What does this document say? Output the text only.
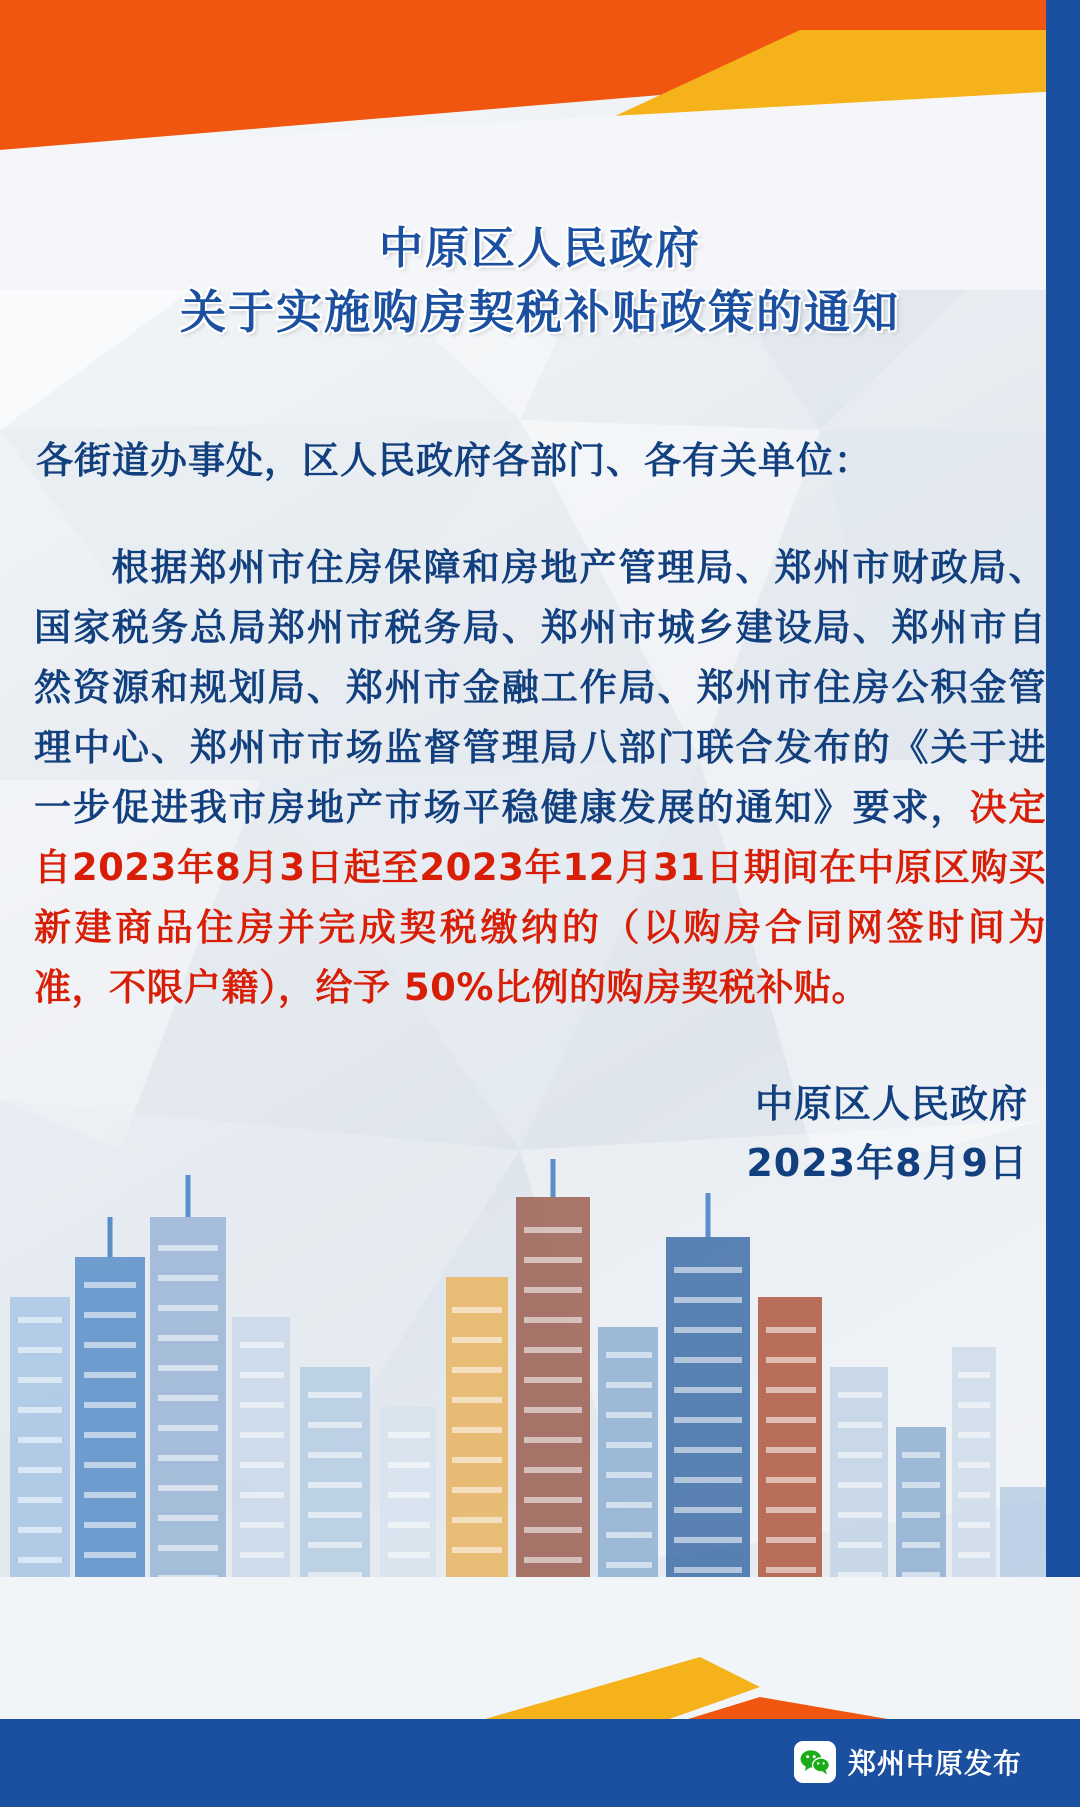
中原区人民政府
关于实施购房契税补贴政策的通知
各街道办事处，区人民政府各部门、各有关单位：
根据郑州市住房保障和房地产管理局、郑州市财政局、国家税务总局郑州市税务局、郑州市城乡建设局、郑州市自然资源和规划局、郑州市金融工作局、郑州市住房公积金管理中心、郑州市市场监督管理局八部门联合发布的《关于进一步促进我市房地产市场平稳健康发展的通知》要求，决定自2023年8月3日起至2023年12月31日期间在中原区购买新建商品住房并完成契税缴纳的（以购房合同网签时间为准，不限户籍），给予 50%比例的购房契税补贴。
中原区人民政府
2023年8月9日
郑州中原发布
